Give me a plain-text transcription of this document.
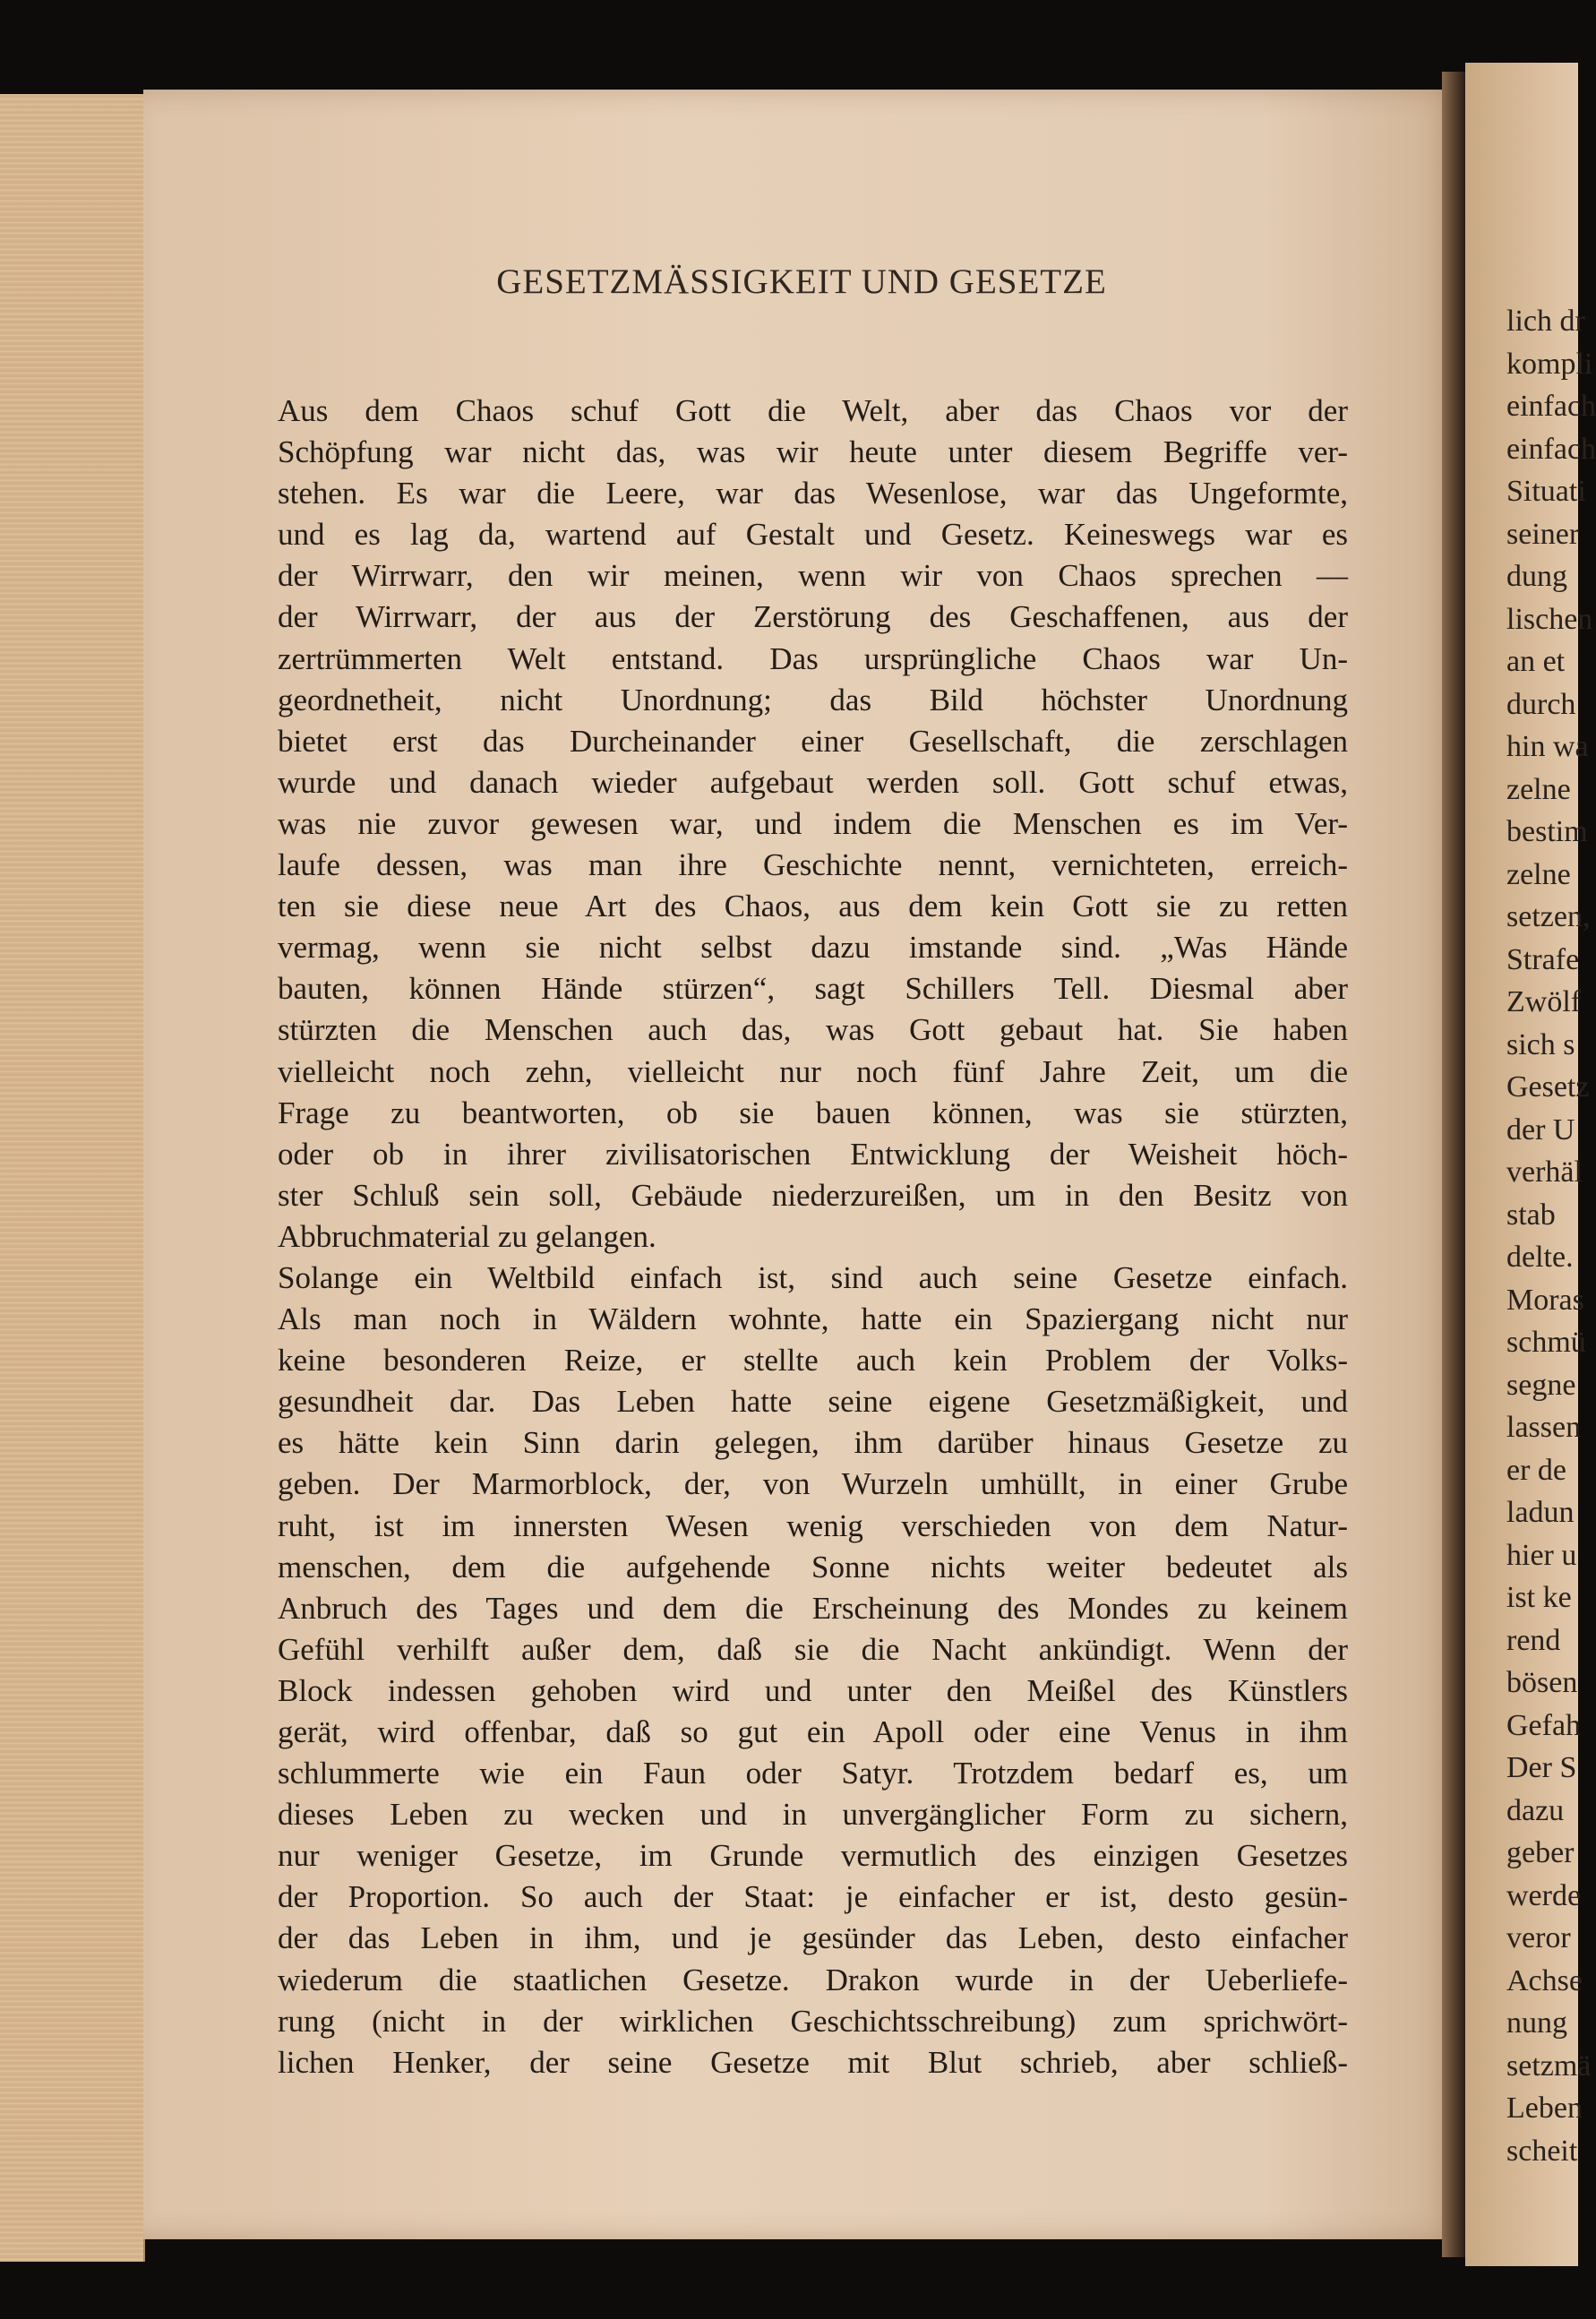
GESETZMÄSSIGKEIT UND GESETZE
Aus dem Chaos schuf Gott die Welt, aber das Chaos vor der
Schöpfung war nicht das, was wir heute unter diesem Begriffe ver-
stehen. Es war die Leere, war das Wesenlose, war das Ungeformte,
und es lag da, wartend auf Gestalt und Gesetz. Keineswegs war es
der Wirrwarr, den wir meinen, wenn wir von Chaos sprechen —
der Wirrwarr, der aus der Zerstörung des Geschaffenen, aus der
zertrümmerten Welt entstand. Das ursprüngliche Chaos war Un-
geordnetheit, nicht Unordnung; das Bild höchster Unordnung
bietet erst das Durcheinander einer Gesellschaft, die zerschlagen
wurde und danach wieder aufgebaut werden soll. Gott schuf etwas,
was nie zuvor gewesen war, und indem die Menschen es im Ver-
laufe dessen, was man ihre Geschichte nennt, vernichteten, erreich-
ten sie diese neue Art des Chaos, aus dem kein Gott sie zu retten
vermag, wenn sie nicht selbst dazu imstande sind. „Was Hände
bauten, können Hände stürzen“, sagt Schillers Tell. Diesmal aber
stürzten die Menschen auch das, was Gott gebaut hat. Sie haben
vielleicht noch zehn, vielleicht nur noch fünf Jahre Zeit, um die
Frage zu beantworten, ob sie bauen können, was sie stürzten,
oder ob in ihrer zivilisatorischen Entwicklung der Weisheit höch-
ster Schluß sein soll, Gebäude niederzureißen, um in den Besitz von
Abbruchmaterial zu gelangen.
Solange ein Weltbild einfach ist, sind auch seine Gesetze einfach.
Als man noch in Wäldern wohnte, hatte ein Spaziergang nicht nur
keine besonderen Reize, er stellte auch kein Problem der Volks-
gesundheit dar. Das Leben hatte seine eigene Gesetzmäßigkeit, und
es hätte kein Sinn darin gelegen, ihm darüber hinaus Gesetze zu
geben. Der Marmorblock, der, von Wurzeln umhüllt, in einer Grube
ruht, ist im innersten Wesen wenig verschieden von dem Natur-
menschen, dem die aufgehende Sonne nichts weiter bedeutet als
Anbruch des Tages und dem die Erscheinung des Mondes zu keinem
Gefühl verhilft außer dem, daß sie die Nacht ankündigt. Wenn der
Block indessen gehoben wird und unter den Meißel des Künstlers
gerät, wird offenbar, daß so gut ein Apoll oder eine Venus in ihm
schlummerte wie ein Faun oder Satyr. Trotzdem bedarf es, um
dieses Leben zu wecken und in unvergänglicher Form zu sichern,
nur weniger Gesetze, im Grunde vermutlich des einzigen Gesetzes
der Proportion. So auch der Staat: je einfacher er ist, desto gesün-
der das Leben in ihm, und je gesünder das Leben, desto einfacher
wiederum die staatlichen Gesetze. Drakon wurde in der Ueberliefe-
rung (nicht in der wirklichen Geschichtsschreibung) zum sprichwört-
lichen Henker, der seine Gesetze mit Blut schrieb, aber schließ-
lich dr
kompli
einfach
einfach
Situati
seiner
dung
lischen
an et
durch
hin wa
zelne
bestim
zelne
setzen,
Strafe
Zwölf
sich s
Gesetz
der U
verhäl
stab
delte.
Moras
schmü
segne
lassen
er de
ladun
hier u
ist ke
rend
bösen
Gefah
Der S
dazu
geber
werde
veror
Achse
nung
setzmä
Leben
scheit
